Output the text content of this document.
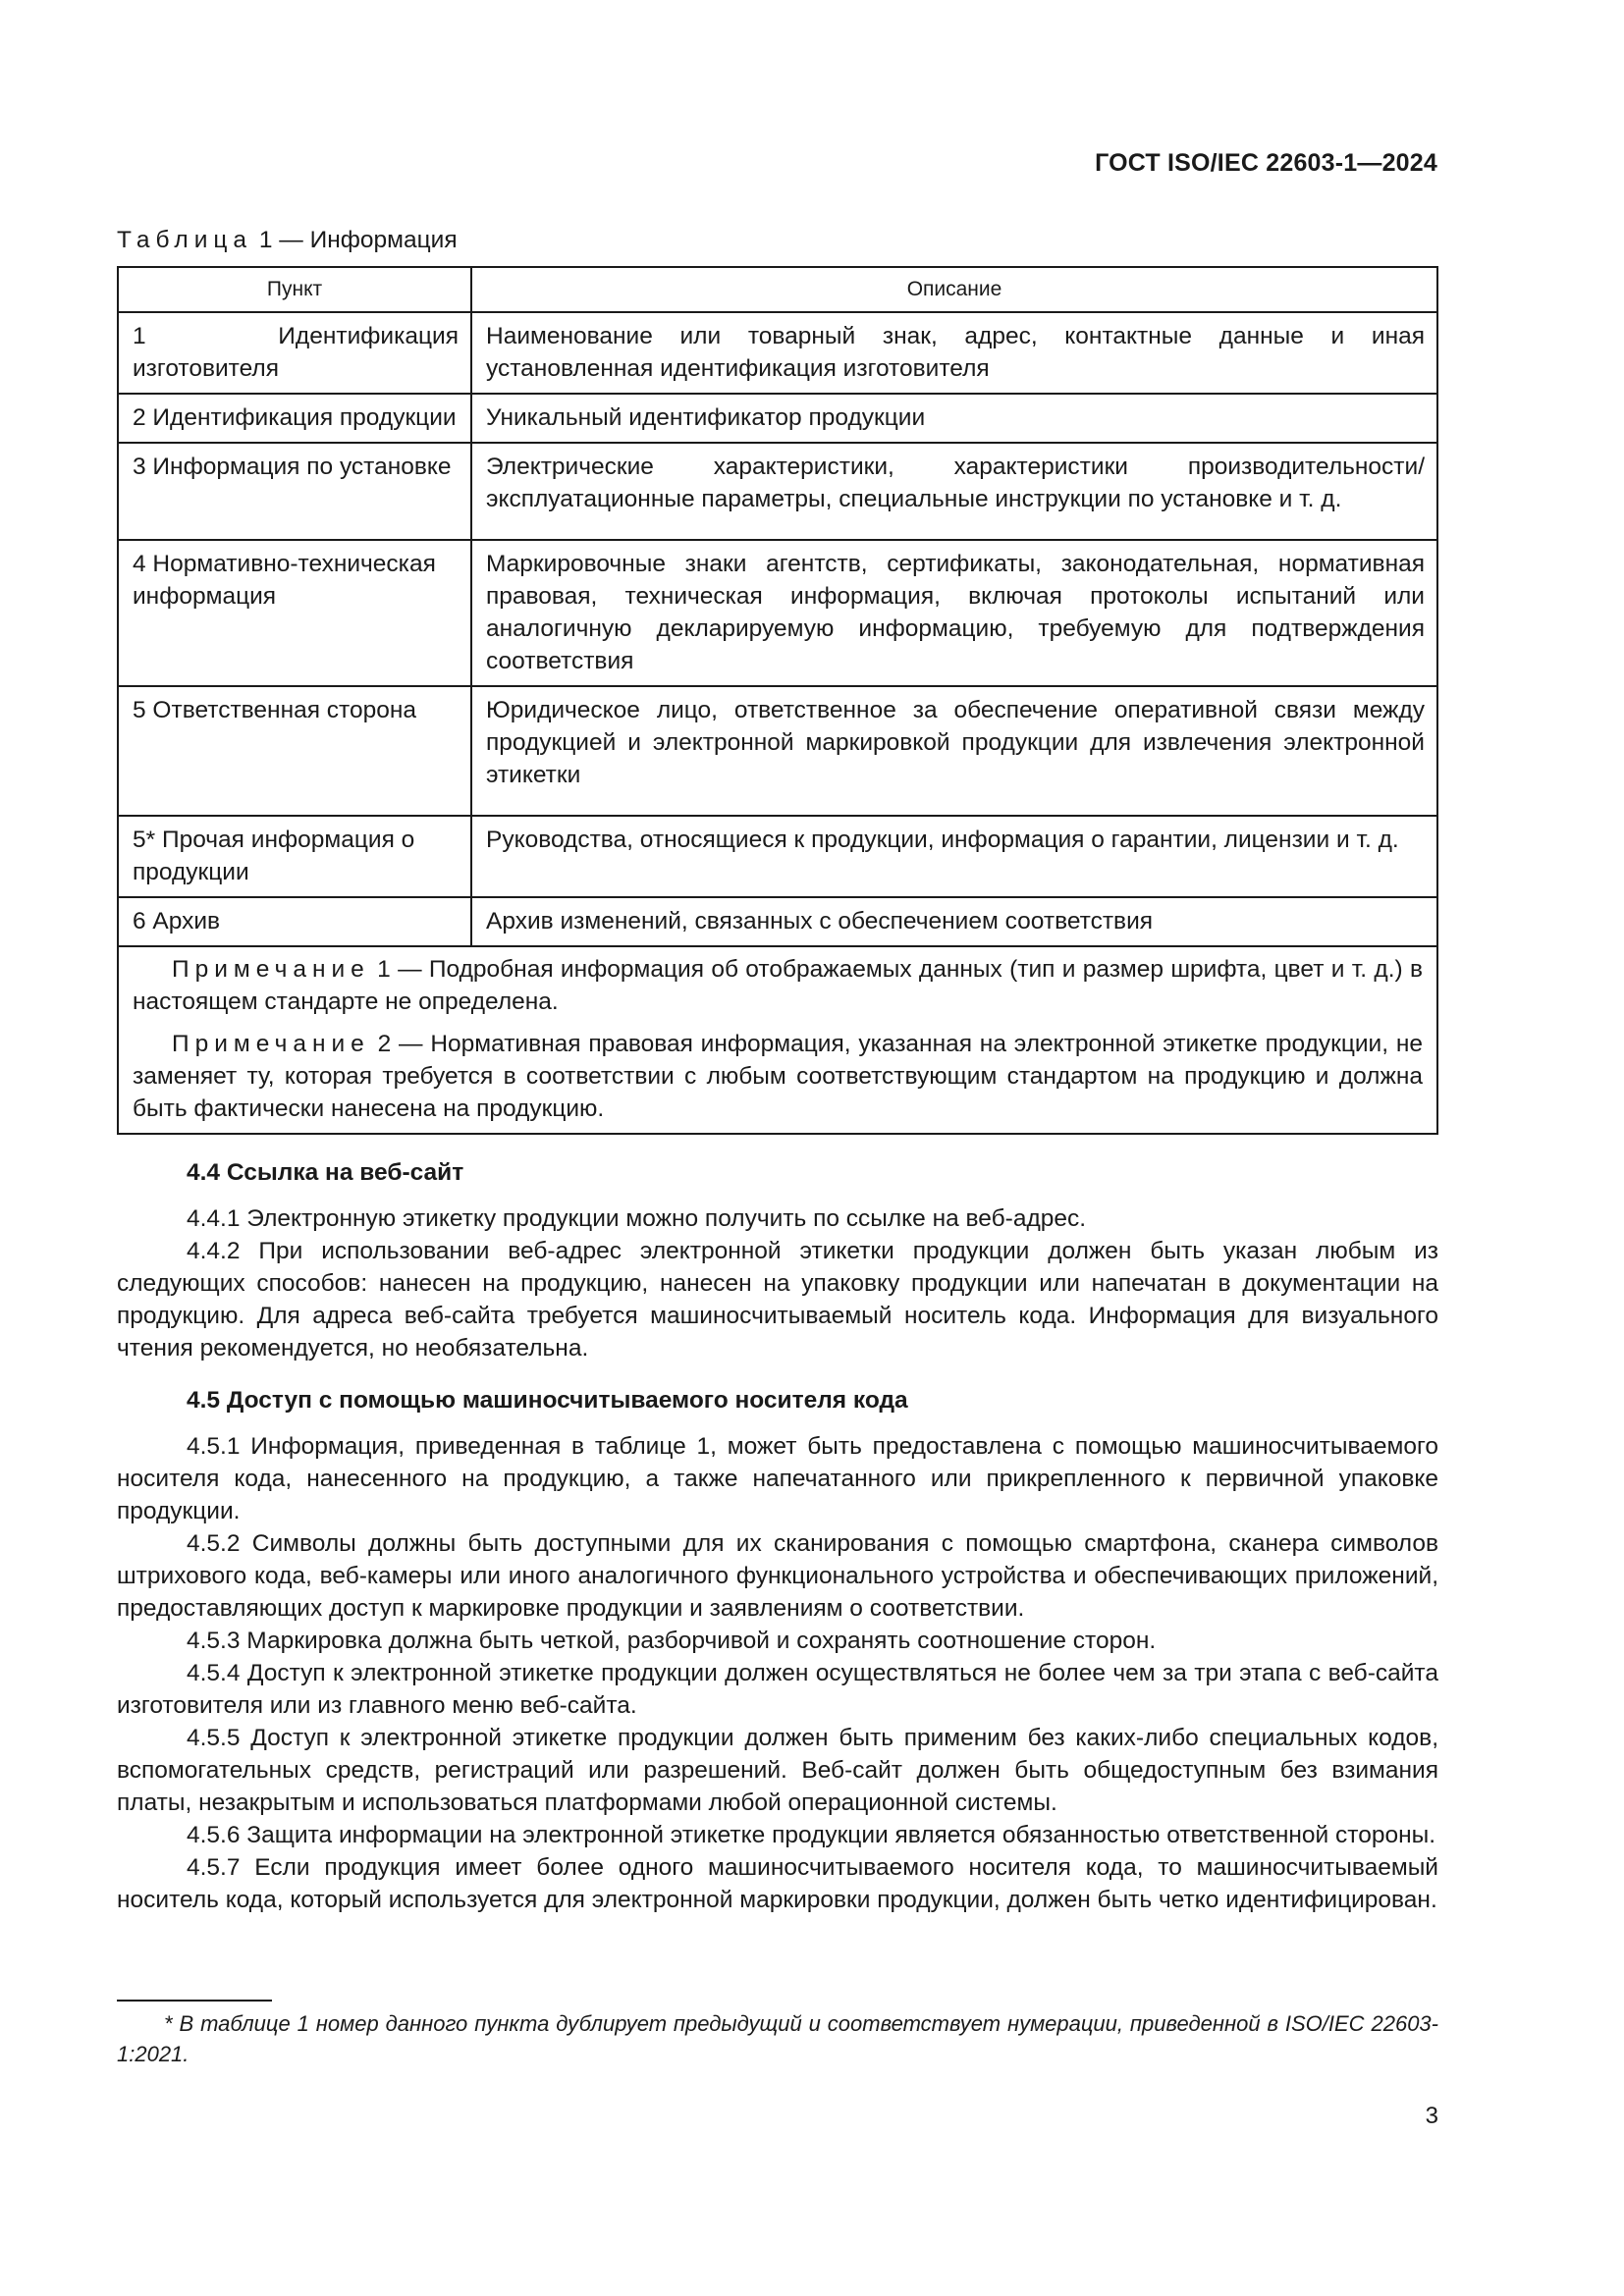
ГОСТ ISO/IEC 22603-1—2024

Таблица 1 — Информация

Пункт	Описание
1 Идентификация изготовителя	Наименование или товарный знак, адрес, контактные данные и иная установленная идентификация изготовителя
2 Идентификация продукции	Уникальный идентификатор продукции
3 Информация по установке	Электрические характеристики, характеристики производительности/эксплуатационные параметры, специальные инструкции по установке и т. д.
4 Нормативно-техническая информация	Маркировочные знаки агентств, сертификаты, законодательная, нормативная правовая, техническая информация, включая протоколы испытаний или аналогичную декларируемую информацию, требуемую для подтверждения соответствия
5 Ответственная сторона	Юридическое лицо, ответственное за обеспечение оперативной связи между продукцией и электронной маркировкой продукции для извлечения электронной этикетки
5* Прочая информация о продукции	Руководства, относящиеся к продукции, информация о гарантии, лицензии и т. д.
6 Архив	Архив изменений, связанных с обеспечением соответствия

Примечание 1 — Подробная информация об отображаемых данных (тип и размер шрифта, цвет и т. д.) в настоящем стандарте не определена.

Примечание 2 — Нормативная правовая информация, указанная на электронной этикетке продукции, не заменяет ту, которая требуется в соответствии с любым соответствующим стандартом на продукцию и должна быть фактически нанесена на продукцию.	

4.4 Ссылка на веб-сайт

4.4.1 Электронную этикетку продукции можно получить по ссылке на веб-адрес.

4.4.2 При использовании веб-адрес электронной этикетки продукции должен быть указан любым из следующих способов: нанесен на продукцию, нанесен на упаковку продукции или напечатан в документации на продукцию. Для адреса веб-сайта требуется машиносчитываемый носитель кода. Информация для визуального чтения рекомендуется, но необязательна.

4.5 Доступ с помощью машиносчитываемого носителя кода

4.5.1 Информация, приведенная в таблице 1, может быть предоставлена с помощью машиносчитываемого носителя кода, нанесенного на продукцию, а также напечатанного или прикрепленного к первичной упаковке продукции.

4.5.2 Символы должны быть доступными для их сканирования с помощью смартфона, сканера символов штрихового кода, веб-камеры или иного аналогичного функционального устройства и обеспечивающих приложений, предоставляющих доступ к маркировке продукции и заявлениям о соответствии.

4.5.3 Маркировка должна быть четкой, разборчивой и сохранять соотношение сторон.

4.5.4 Доступ к электронной этикетке продукции должен осуществляться не более чем за три этапа с веб-сайта изготовителя или из главного меню веб-сайта.

4.5.5 Доступ к электронной этикетке продукции должен быть применим без каких-либо специальных кодов, вспомогательных средств, регистраций или разрешений. Веб-сайт должен быть общедоступным без взимания платы, незакрытым и использоваться платформами любой операционной системы.

4.5.6 Защита информации на электронной этикетке продукции является обязанностью ответственной стороны.

4.5.7 Если продукция имеет более одного машиносчитываемого носителя кода, то машиносчитываемый носитель кода, который используется для электронной маркировки продукции, должен быть четко идентифицирован.

* В таблице 1 номер данного пункта дублирует предыдущий и соответствует нумерации, приведенной в ISO/IEC 22603-1:2021.

3
